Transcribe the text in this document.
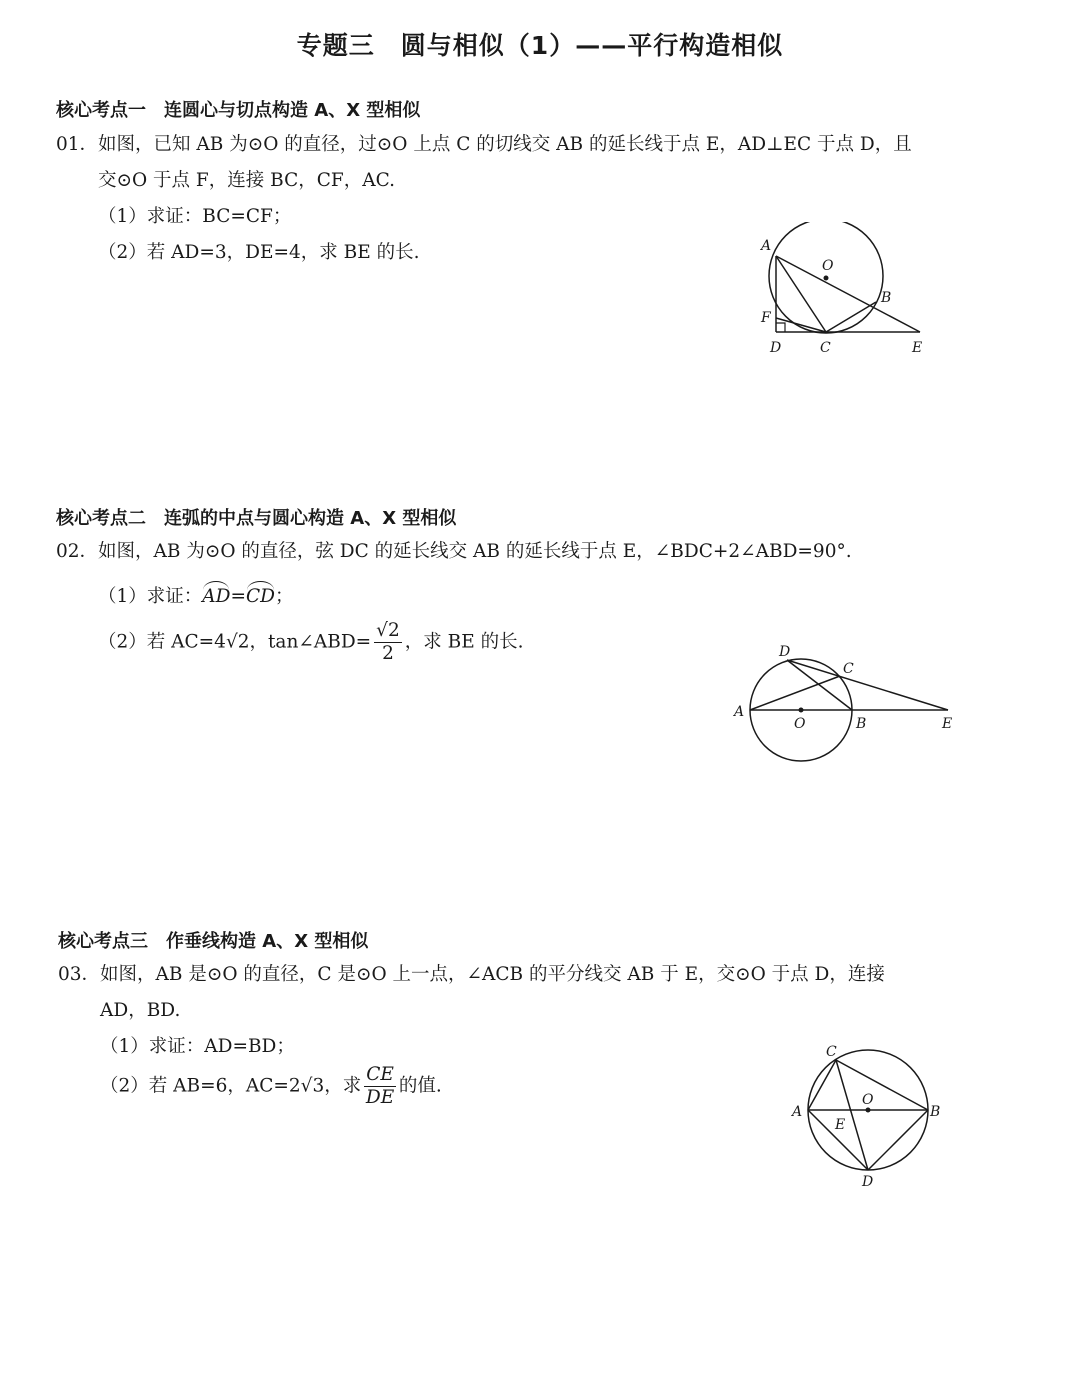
专题三　圆与相似（1）——平行构造相似
核心考点一　连圆心与切点构造 A、X 型相似
01．如图，已知 AB 为⊙O 的直径，过⊙O 上点 C 的切线交 AB 的延长线于点 E，AD⊥EC 于点 D，且
交⊙O 于点 F，连接 BC，CF，AC.
（1）求证：BC=CF；
（2）若 AD=3，DE=4，求 BE 的长.	A
O
B
F
D	C	E
核心考点二　连弧的中点与圆心构造 A、X 型相似
02．如图，AB 为⊙O 的直径，弦 DC 的延长线交 AB 的延长线于点 E，∠BDC+2∠ABD=90°.
（1）求证：AD=CD；
（2）若 AC=4√2，tan∠ABD= $\frac{√2}{2}$ ，求 BE 的长.	D
C
A
O	B	E
核心考点三　作垂线构造 A、X 型相似
03．如图，AB 是⊙O 的直径，C 是⊙O 上一点，∠ACB 的平分线交 AB 于 E，交⊙O 于点 D，连接
AD，BD.
（1）求证：AD=BD；
（2）若 AB=6，AC=2√3，求 $\frac{CE}{DE}$ 的值.
C
O
A	B
E
D
